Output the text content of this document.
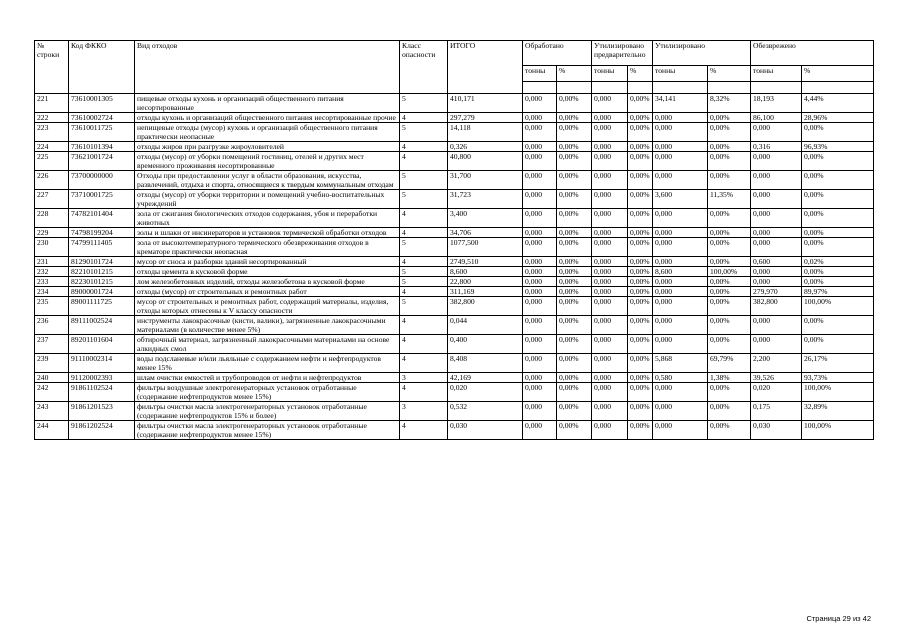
№ строки	Код ФККО	Вид отходов	Класс опасности	ИТОГО	Обработано		Утилизировано предварительно		Утилизировано		Обезврежено	
					тонны	%	тонны	%	тонны	%	тонны	%

221	73610001305	пищевые отходы кухонь и организаций общественного питания несортированные	5	410,171	0,000	0,00%	0,000	0,00%	34,141	8,32%	18,193	4,44%
222	73610002724	отходы кухонь и организаций общественного питания несортированные прочие	4	297,279	0,000	0,00%	0,000	0,00%	0,000	0,00%	86,100	28,96%
223	73610011725	непищевые отходы (мусор) кухонь и организаций общественного питания практически неопасные	5	14,118	0,000	0,00%	0,000	0,00%	0,000	0,00%	0,000	0,00%
224	73610101394	отходы жиров при разгрузке жироуловителей	4	0,326	0,000	0,00%	0,000	0,00%	0,000	0,00%	0,316	96,93%
225	73621001724	отходы (мусор) от уборки помещений гостиниц, отелей и других мест временного проживания несортированные	4	40,800	0,000	0,00%	0,000	0,00%	0,000	0,00%	0,000	0,00%
226	73700000000	Отходы при предоставлении услуг в области образования, искусства, развлечений, отдыха и спорта, относящиеся к твердым коммунальным отходам	5	31,700	0,000	0,00%	0,000	0,00%	0,000	0,00%	0,000	0,00%
227	73710001725	отходы (мусор) от уборки территории и помещений учебно-воспитательных учреждений	5	31,723	0,000	0,00%	0,000	0,00%	3,600	11,35%	0,000	0,00%
228	74782101404	зола от сжигания биологических отходов содержания, убоя и переработки животных	4	3,400	0,000	0,00%	0,000	0,00%	0,000	0,00%	0,000	0,00%
229	74798199204	золы и шлаки от инсинераторов и установок термической обработки отходов	4	34,706	0,000	0,00%	0,000	0,00%	0,000	0,00%	0,000	0,00%
230	74799111405	зола от высокотемпературного термического обезвреживания отходов в крематоре практически неопасная	5	1077,500	0,000	0,00%	0,000	0,00%	0,000	0,00%	0,000	0,00%
231	81290101724	мусор от сноса и разборки зданий несортированный	4	2749,510	0,000	0,00%	0,000	0,00%	0,000	0,00%	0,600	0,02%
232	82210101215	отходы цемента в кусковой форме	5	8,600	0,000	0,00%	0,000	0,00%	8,600	100,00%	0,000	0,00%
233	82230101215	лом железобетонных изделий, отходы железобетона в кусковой форме	5	22,800	0,000	0,00%	0,000	0,00%	0,000	0,00%	0,000	0,00%
234	89000001724	отходы (мусор) от строительных и ремонтных работ	4	311,169	0,000	0,00%	0,000	0,00%	0,000	0,00%	279,970	89,97%
235	89001111725	мусор от строительных и ремонтных работ, содержащий материалы, изделия, отходы которых отнесены к V классу опасности	5	382,800	0,000	0,00%	0,000	0,00%	0,000	0,00%	382,800	100,00%
236	89111002524	инструменты лакокрасочные (кисти, валики), загрязненные лакокрасочными материалами (в количестве менее 5%)	4	0,044	0,000	0,00%	0,000	0,00%	0,000	0,00%	0,000	0,00%
237	89201101604	обтирочный материал, загрязненный лакокрасочными материалами на основе алкидных смол	4	0,400	0,000	0,00%	0,000	0,00%	0,000	0,00%	0,000	0,00%
239	91110002314	воды подсланевые и/или льяльные с содержанием нефти и нефтепродуктов менее 15%	4	8,408	0,000	0,00%	0,000	0,00%	5,868	69,79%	2,200	26,17%
240	91120002393	шлам очистки емкостей и трубопроводов от нефти и нефтепродуктов	3	42,169	0,000	0,00%	0,000	0,00%	0,580	1,38%	39,526	93,73%
242	91861102524	фильтры воздушные электрогенераторных установок отработанные (содержание нефтепродуктов менее 15%)	4	0,020	0,000	0,00%	0,000	0,00%	0,000	0,00%	0,020	100,00%
243	91861201523	фильтры очистки масла электрогенераторных установок отработанные (содержание нефтепродуктов 15% и более)	3	0,532	0,000	0,00%	0,000	0,00%	0,000	0,00%	0,175	32,89%
244	91861202524	фильтры очистки масла электрогенераторных установок отработанные (содержание нефтепродуктов менее 15%)	4	0,030	0,000	0,00%	0,000	0,00%	0,000	0,00%	0,030	100,00%
Страница 29 из 42
